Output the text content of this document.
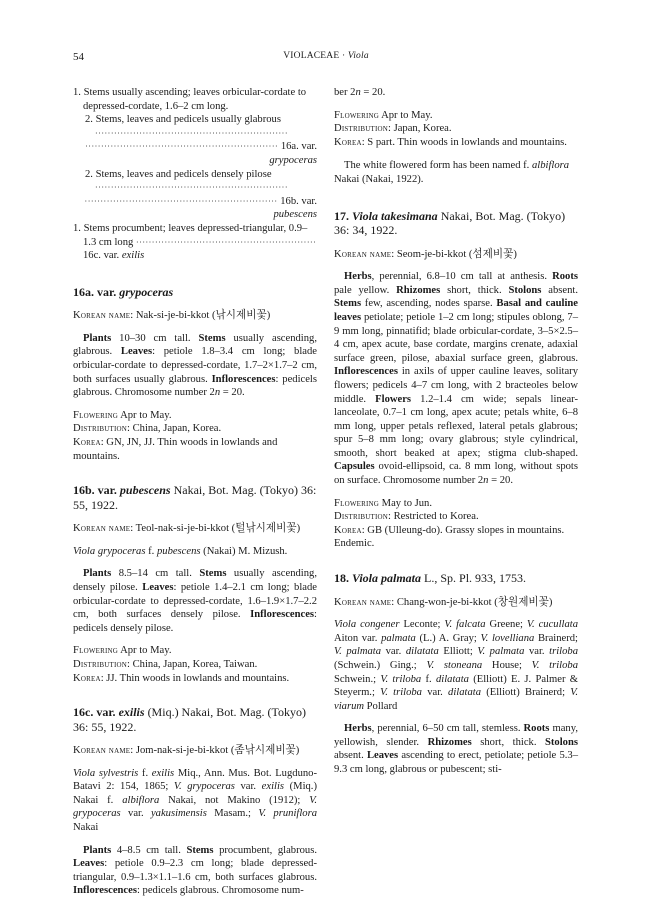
54	VIOLACEAE · Viola

1. Stems usually ascending; leaves orbicular-cordate to depressed-cordate, 1.6–2 cm long.

2. Stems, leaves and pedicels usually glabrous ·····························································

····························································· 16a. var. grypoceras

2. Stems, leaves and pedicels densely pilose ·····························································

····························································· 16b. var. pubescens

1. Stems procumbent; leaves depressed-triangular, 0.9–1.3 cm long ························································· 16c. var. exilis

16a. var. grypoceras

Korean name: Nak-si-je-bi-kkot (낚시제비꽃)

Plants 10–30 cm tall. Stems usually ascending, glabrous. Leaves: petiole 1.8–3.4 cm long; blade orbicular-cordate to depressed-cordate, 1.7–2×1.7–2 cm, both surfaces usually glabrous. Inflorescences: pedicels glabrous. Chromosome number 2n = 20.

Flowering Apr to May.

Distribution: China, Japan, Korea.

Korea: GN, JN, JJ. Thin woods in lowlands and mountains.

16b. var. pubescens Nakai, Bot. Mag. (Tokyo) 36: 55, 1922.

Korean name: Teol-nak-si-je-bi-kkot (털낚시제비꽃)

Viola grypoceras f. pubescens (Nakai) M. Mizush.

Plants 8.5–14 cm tall. Stems usually ascending, densely pilose. Leaves: petiole 1.4–2.1 cm long; blade orbicular-cordate to depressed-cordate, 1.6–1.9×1.7–2.2 cm, both surfaces densely pilose. Inflorescences: pedicels densely pilose.

Flowering Apr to May.

Distribution: China, Japan, Korea, Taiwan.

Korea: JJ. Thin woods in lowlands and mountains.

16c. var. exilis (Miq.) Nakai, Bot. Mag. (Tokyo) 36: 55, 1922.

Korean name: Jom-nak-si-je-bi-kkot (좀낚시제비꽃)

Viola sylvestris f. exilis Miq., Ann. Mus. Bot. Lugduno-Batavi 2: 154, 1865; V. grypoceras var. exilis (Miq.) Nakai f. albiflora Nakai, not Makino (1912); V. grypoceras var. yakusimensis Masam.; V. pruniflora Nakai

Plants 4–8.5 cm tall. Stems procumbent, glabrous. Leaves: petiole 0.9–2.3 cm long; blade depressed-triangular, 0.9–1.3×1.1–1.6 cm, both surfaces glabrous. Inflorescences: pedicels glabrous. Chromosome num-

ber 2n = 20.

Flowering Apr to May.

Distribution: Japan, Korea.

Korea: S part. Thin woods in lowlands and mountains.

The white flowered form has been named f. albiflora Nakai (Nakai, 1922).

17. Viola takesimana Nakai, Bot. Mag. (Tokyo) 36: 34, 1922.

Korean name: Seom-je-bi-kkot (섬제비꽃)

Herbs, perennial, 6.8–10 cm tall at anthesis. Roots pale yellow. Rhizomes short, thick. Stolons absent. Stems few, ascending, nodes sparse. Basal and cauline leaves petiolate; petiole 1–2 cm long; stipules oblong, 7–9 mm long, pinnatifid; blade orbicular-cordate, 3–5×2.5–4 cm, apex acute, base cordate, margins crenate, adaxial surface green, pilose, abaxial surface green, glabrous. Inflorescences in axils of upper cauline leaves, solitary flowers; pedicels 4–7 cm long, with 2 bracteoles below middle. Flowers 1.2–1.4 cm wide; sepals linear-lanceolate, 0.7–1 cm long, apex acute; petals white, 6–8 mm long, upper petals reflexed, lateral petals glabrous; spur 5–8 mm long; ovary glabrous; style cylindrical, smooth, short beaked at apex; stigma club-shaped. Capsules ovoid-ellipsoid, ca. 8 mm long, without spots on surface. Chromosome number 2n = 20.

Flowering May to Jun.

Distribution: Restricted to Korea.

Korea: GB (Ulleung-do). Grassy slopes in mountains. Endemic.

18. Viola palmata L., Sp. Pl. 933, 1753.

Korean name: Chang-won-je-bi-kkot (창원제비꽃)

Viola congener Leconte; V. falcata Greene; V. cucullata Aiton var. palmata (L.) A. Gray; V. lovelliana Brainerd; V. palmata var. dilatata Elliott; V. palmata var. triloba (Schwein.) Ging.; V. stoneana House; V. triloba Schwein.; V. triloba f. dilatata (Elliott) E. J. Palmer & Steyerm.; V. triloba var. dilatata (Elliott) Brainerd; V. viarum Pollard

Herbs, perennial, 6–50 cm tall, stemless. Roots many, yellowish, slender. Rhizomes short, thick. Stolons absent. Leaves ascending to erect, petiolate; petiole 5.3–9.3 cm long, glabrous or pubescent; sti-
